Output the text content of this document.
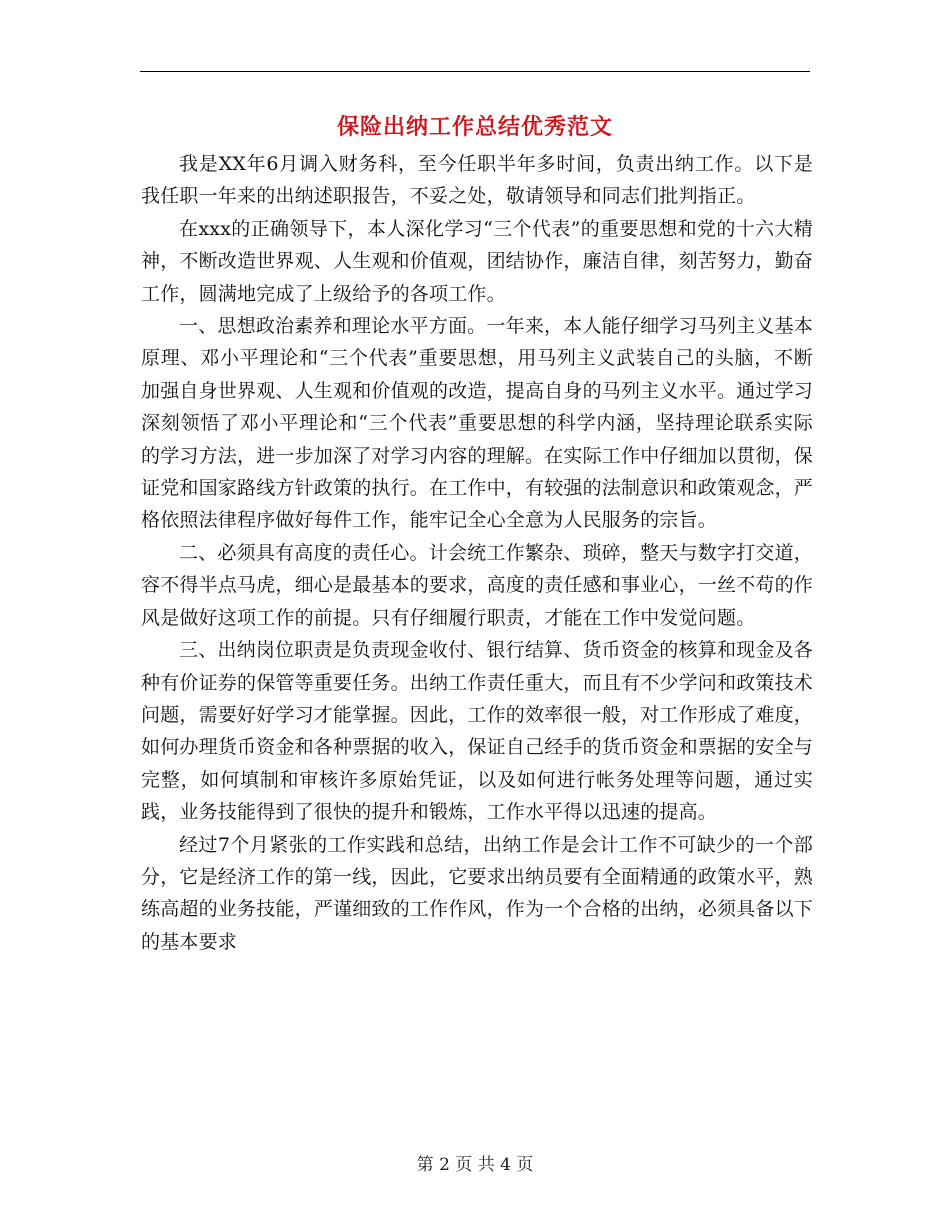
保险出纳工作总结优秀范文

我是XX年6月调入财务科，至今任职半年多时间，负责出纳工作。以下是我任职一年来的出纳述职报告，不妥之处，敬请领导和同志们批判指正。

在xxx的正确领导下，本人深化学习“三个代表”的重要思想和党的十六大精神，不断改造世界观、人生观和价值观，团结协作，廉洁自律，刻苦努力，勤奋工作，圆满地完成了上级给予的各项工作。

一、思想政治素养和理论水平方面。一年来，本人能仔细学习马列主义基本原理、邓小平理论和“三个代表”重要思想，用马列主义武装自己的头脑，不断加强自身世界观、人生观和价值观的改造，提高自身的马列主义水平。通过学习深刻领悟了邓小平理论和“三个代表”重要思想的科学内涵，坚持理论联系实际的学习方法，进一步加深了对学习内容的理解。在实际工作中仔细加以贯彻，保证党和国家路线方针政策的执行。在工作中，有较强的法制意识和政策观念，严格依照法律程序做好每件工作，能牢记全心全意为人民服务的宗旨。

二、必须具有高度的责任心。计会统工作繁杂、琐碎，整天与数字打交道，容不得半点马虎，细心是最基本的要求，高度的责任感和事业心，一丝不苟的作风是做好这项工作的前提。只有仔细履行职责，才能在工作中发觉问题。

三、出纳岗位职责是负责现金收付、银行结算、货币资金的核算和现金及各种有价证券的保管等重要任务。出纳工作责任重大，而且有不少学问和政策技术问题，需要好好学习才能掌握。因此，工作的效率很一般，对工作形成了难度，如何办理货币资金和各种票据的收入，保证自己经手的货币资金和票据的安全与完整，如何填制和审核许多原始凭证，以及如何进行帐务处理等问题，通过实践，业务技能得到了很快的提升和锻炼，工作水平得以迅速的提高。

经过7个月紧张的工作实践和总结，出纳工作是会计工作不可缺少的一个部分，它是经济工作的第一线，因此，它要求出纳员要有全面精通的政策水平，熟练高超的业务技能，严谨细致的工作作风，作为一个合格的出纳，必须具备以下的基本要求

第 2 页 共 4 页
